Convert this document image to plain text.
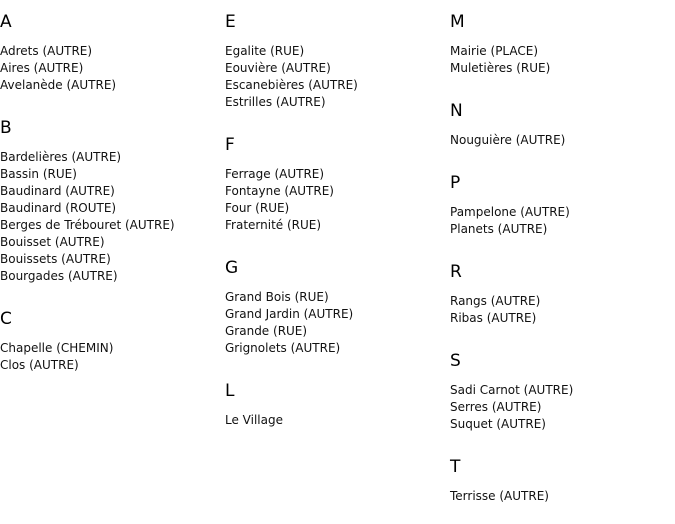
A
Adrets (AUTRE)
Aires (AUTRE)
Avelanède (AUTRE)
B
Bardelières (AUTRE)
Bassin (RUE)
Baudinard (AUTRE)
Baudinard (ROUTE)
Berges de Trébouret (AUTRE)
Bouisset (AUTRE)
Bouissets (AUTRE)
Bourgades (AUTRE)
C
Chapelle (CHEMIN)
Clos (AUTRE)
E
Egalite (RUE)
Eouvière (AUTRE)
Escanebières (AUTRE)
Estrilles (AUTRE)
F
Ferrage (AUTRE)
Fontayne (AUTRE)
Four (RUE)
Fraternité (RUE)
G
Grand Bois (RUE)
Grand Jardin (AUTRE)
Grande (RUE)
Grignolets (AUTRE)
L
Le Village
M
Mairie (PLACE)
Muletières (RUE)
N
Nouguière (AUTRE)
P
Pampelone (AUTRE)
Planets (AUTRE)
R
Rangs (AUTRE)
Ribas (AUTRE)
S
Sadi Carnot (AUTRE)
Serres (AUTRE)
Suquet (AUTRE)
T
Terrisse (AUTRE)
